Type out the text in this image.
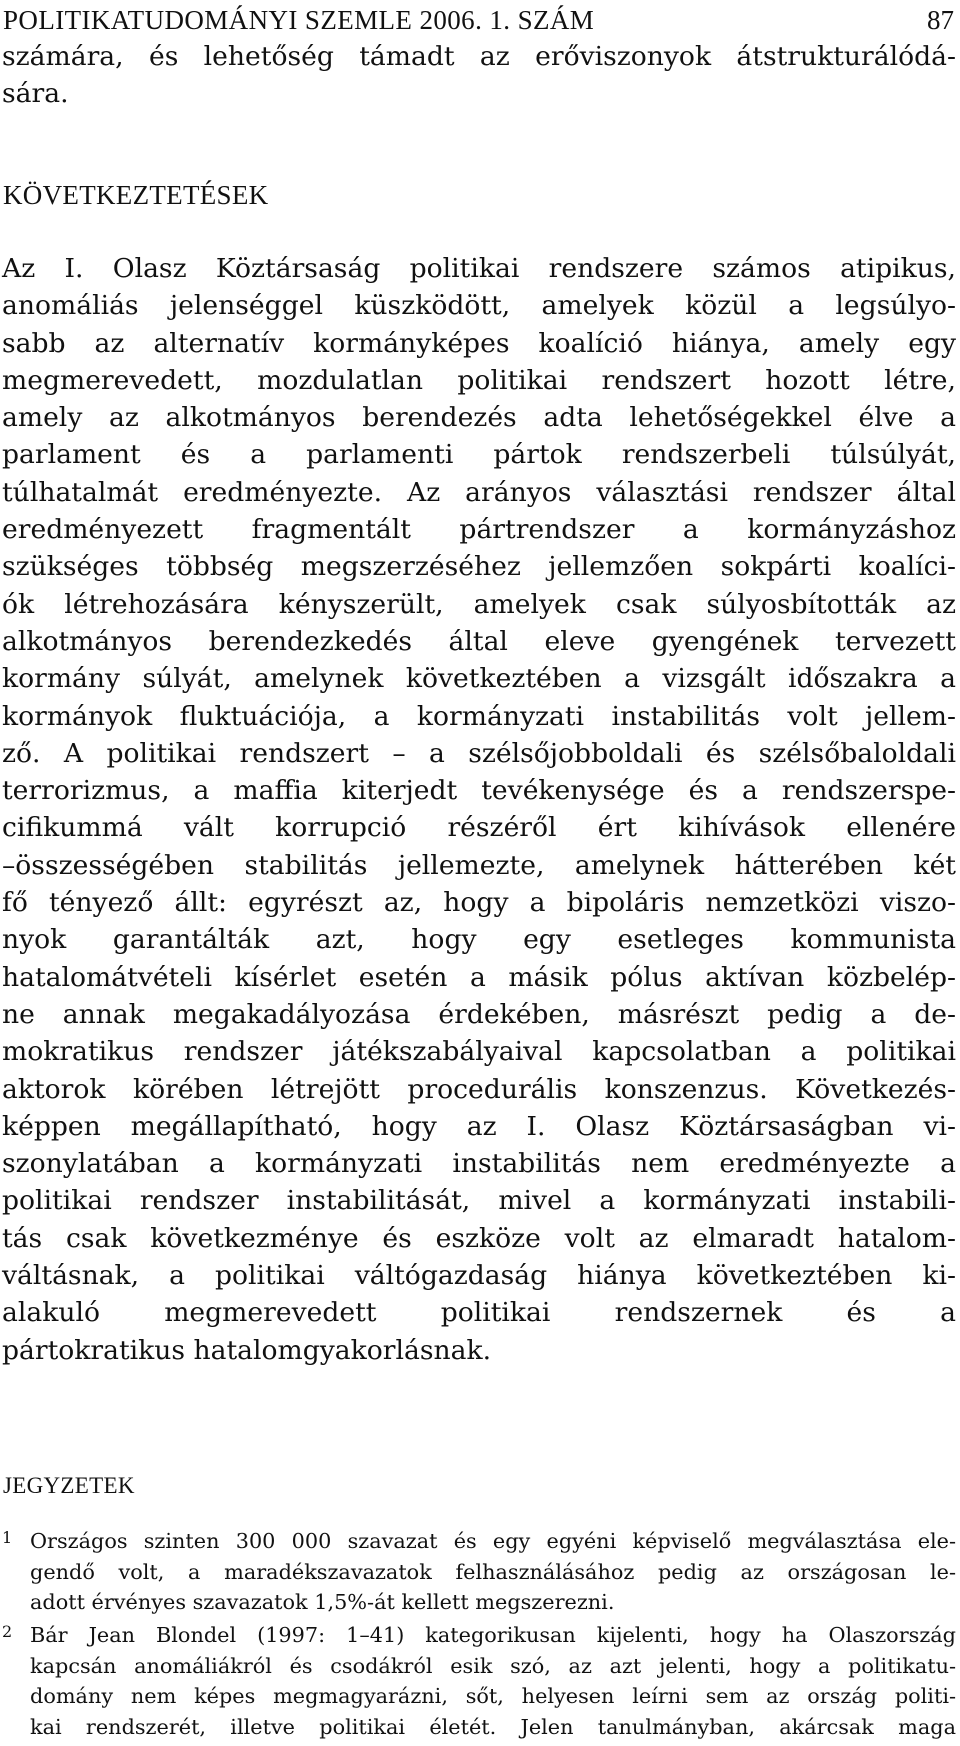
POLITIKATUDOMÁNYI SZEMLE 2006. 1. SZÁM	87
számára, és lehetőség támadt az erőviszonyok átstrukturálódá-
sára.
KÖVETKEZTETÉSEK
Az I. Olasz Köztársaság politikai rendszere számos atipikus,
anomáliás jelenséggel küszködött, amelyek közül a legsúlyo-
sabb az alternatív kormányképes koalíció hiánya, amely egy
megmerevedett, mozdulatlan politikai rendszert hozott létre,
amely az alkotmányos berendezés adta lehetőségekkel élve a
parlament és a parlamenti pártok rendszerbeli túlsúlyát,
túlhatalmát eredményezte. Az arányos választási rendszer által
eredményezett fragmentált pártrendszer a kormányzáshoz
szükséges többség megszerzéséhez jellemzően sokpárti koalíci-
ók létrehozására kényszerült, amelyek csak súlyosbították az
alkotmányos berendezkedés által eleve gyengének tervezett
kormány súlyát, amelynek következtében a vizsgált időszakra a
kormányok fluktuációja, a kormányzati instabilitás volt jellem-
ző. A politikai rendszert – a szélsőjobboldali és szélsőbaloldali
terrorizmus, a maffia kiterjedt tevékenysége és a rendszerspe-
cifikummá vált korrupció részéről ért kihívások ellenére
–összességében stabilitás jellemezte, amelynek hátterében két
fő tényező állt: egyrészt az, hogy a bipoláris nemzetközi viszo-
nyok garantálták azt, hogy egy esetleges kommunista
hatalomátvételi kísérlet esetén a másik pólus aktívan közbelép-
ne annak megakadályozása érdekében, másrészt pedig a de-
mokratikus rendszer játékszabályaival kapcsolatban a politikai
aktorok körében létrejött procedurális konszenzus. Következés-
képpen megállapítható, hogy az I. Olasz Köztársaságban vi-
szonylatában a kormányzati instabilitás nem eredményezte a
politikai rendszer instabilitását, mivel a kormányzati instabili-
tás csak következménye és eszköze volt az elmaradt hatalom-
váltásnak, a politikai váltógazdaság hiánya következtében ki-
alakuló megmerevedett politikai rendszernek és a
pártokratikus hatalomgyakorlásnak.
JEGYZETEK
1 Országos szinten 300 000 szavazat és egy egyéni képviselő megválasztása ele-
gendő volt, a maradékszavazatok felhasználásához pedig az országosan le-
adott érvényes szavazatok 1,5%-át kellett megszerezni.
2 Bár Jean Blondel (1997: 1–41) kategorikusan kijelenti, hogy ha Olaszország
kapcsán anomáliákról és csodákról esik szó, az azt jelenti, hogy a politikatu-
domány nem képes megmagyarázni, sőt, helyesen leírni sem az ország politi-
kai rendszerét, illetve politikai életét. Jelen tanulmányban, akárcsak maga
